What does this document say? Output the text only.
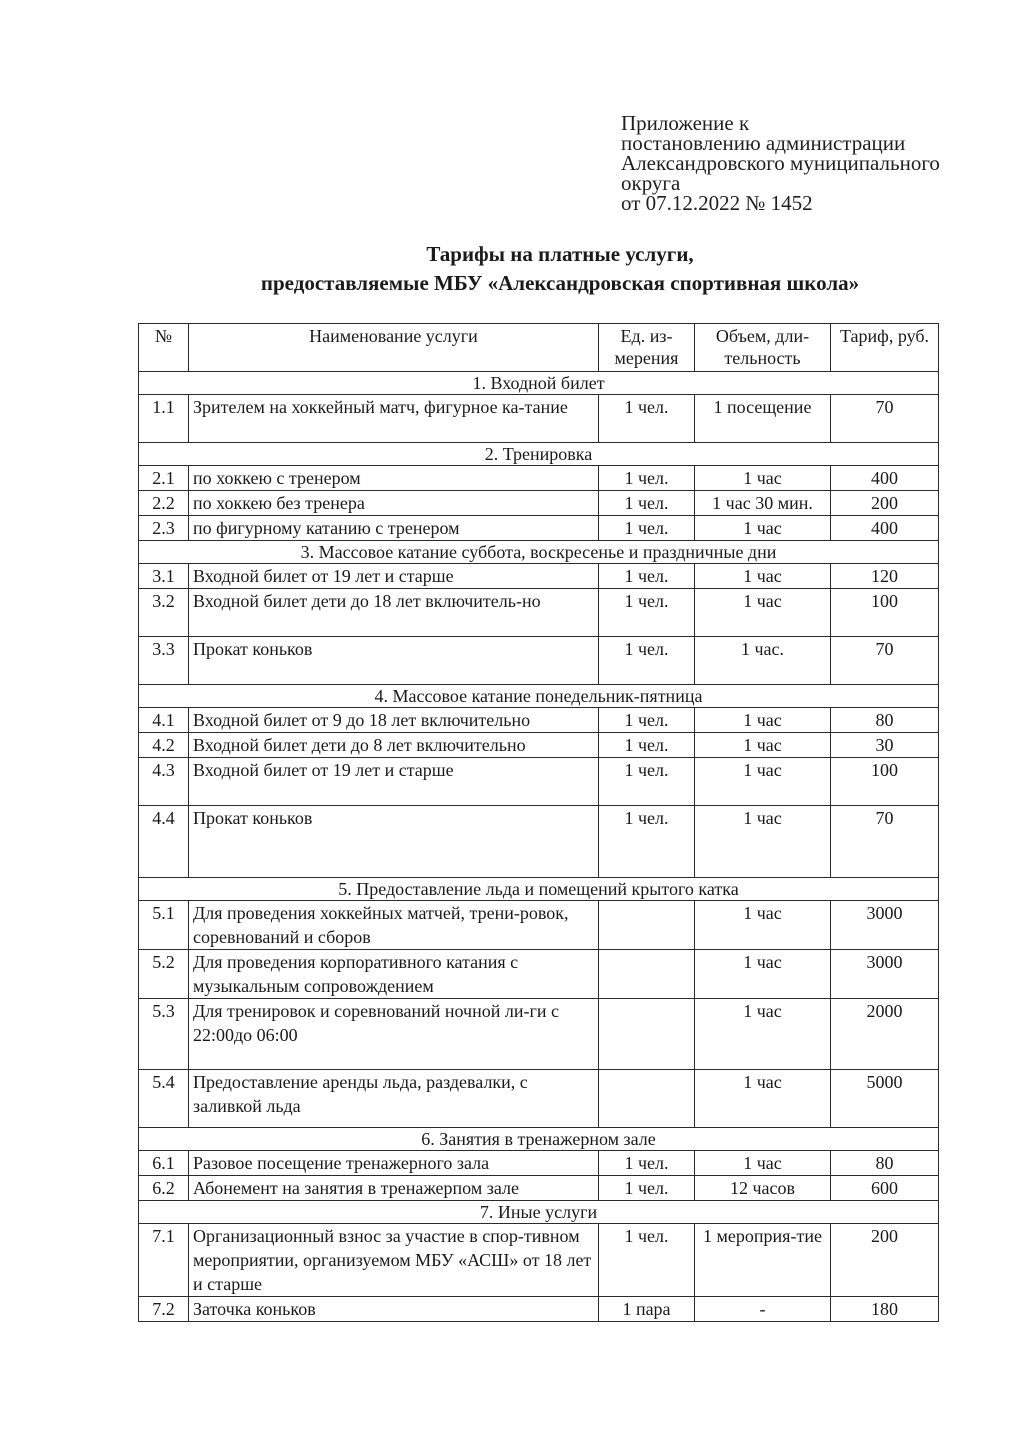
Приложение к
постановлению администрации
Александровского муниципального
округа
от 07.12.2022 № 1452
Тарифы на платные услуги,
предоставляемые МБУ «Александровская спортивная школа»
№	Наименование услуги	Ед. из-мерения	Объем, дли-тельность	Тариф, руб.
1. Входной билет				
1.1	Зрителем на хоккейный матч, фигурное ка-тание	1 чел.	1 посещение	70
2. Тренировка				
2.1	по хоккею с тренером	1 чел.	1 час	400
2.2	по хоккею без тренера	1 чел.	1 час 30 мин.	200
2.3	по фигурному катанию с тренером	1 чел.	1 час	400
3. Массовое катание суббота, воскресенье и праздничные дни				
3.1	Входной билет от 19 лет и старше	1 чел.	1 час	120
3.2	Входной билет дети до 18 лет включитель-но	1 чел.	1 час	100
3.3	Прокат коньков	1 чел.	1 час.	70
4. Массовое катание понедельник-пятница				
4.1	Входной билет от 9 до 18 лет включительно	1 чел.	1 час	80
4.2	Входной билет дети до 8 лет включительно	1 чел.	1 час	30
4.3	Входной билет от 19 лет и старше	1 чел.	1 час	100
4.4	Прокат коньков	1 чел.	1 час	70
5. Предоставление льда и помещений крытого катка				
5.1	Для проведения хоккейных матчей, трени-ровок, соревнований и сборов		1 час	3000
5.2	Для проведения корпоративного катания с музыкальным сопровождением		1 час	3000
5.3	Для тренировок и соревнований ночной ли-ги с 22:00до 06:00		1 час	2000
5.4	Предоставление аренды льда, раздевалки, с заливкой льда		1 час	5000
6. Занятия в тренажерном зале				
6.1	Разовое посещение тренажерного зала	1 чел.	1 час	80
6.2	Абонемент на занятия в тренажерпом зале	1 чел.	12 часов	600
7. Иные услуги				
7.1	Организационный взнос за участие в спор-тивном мероприятии, организуемом МБУ «АСШ» от 18 лет и старше	1 чел.	1 мероприя-тие	200
7.2	Заточка коньков	1 пара	-	180
